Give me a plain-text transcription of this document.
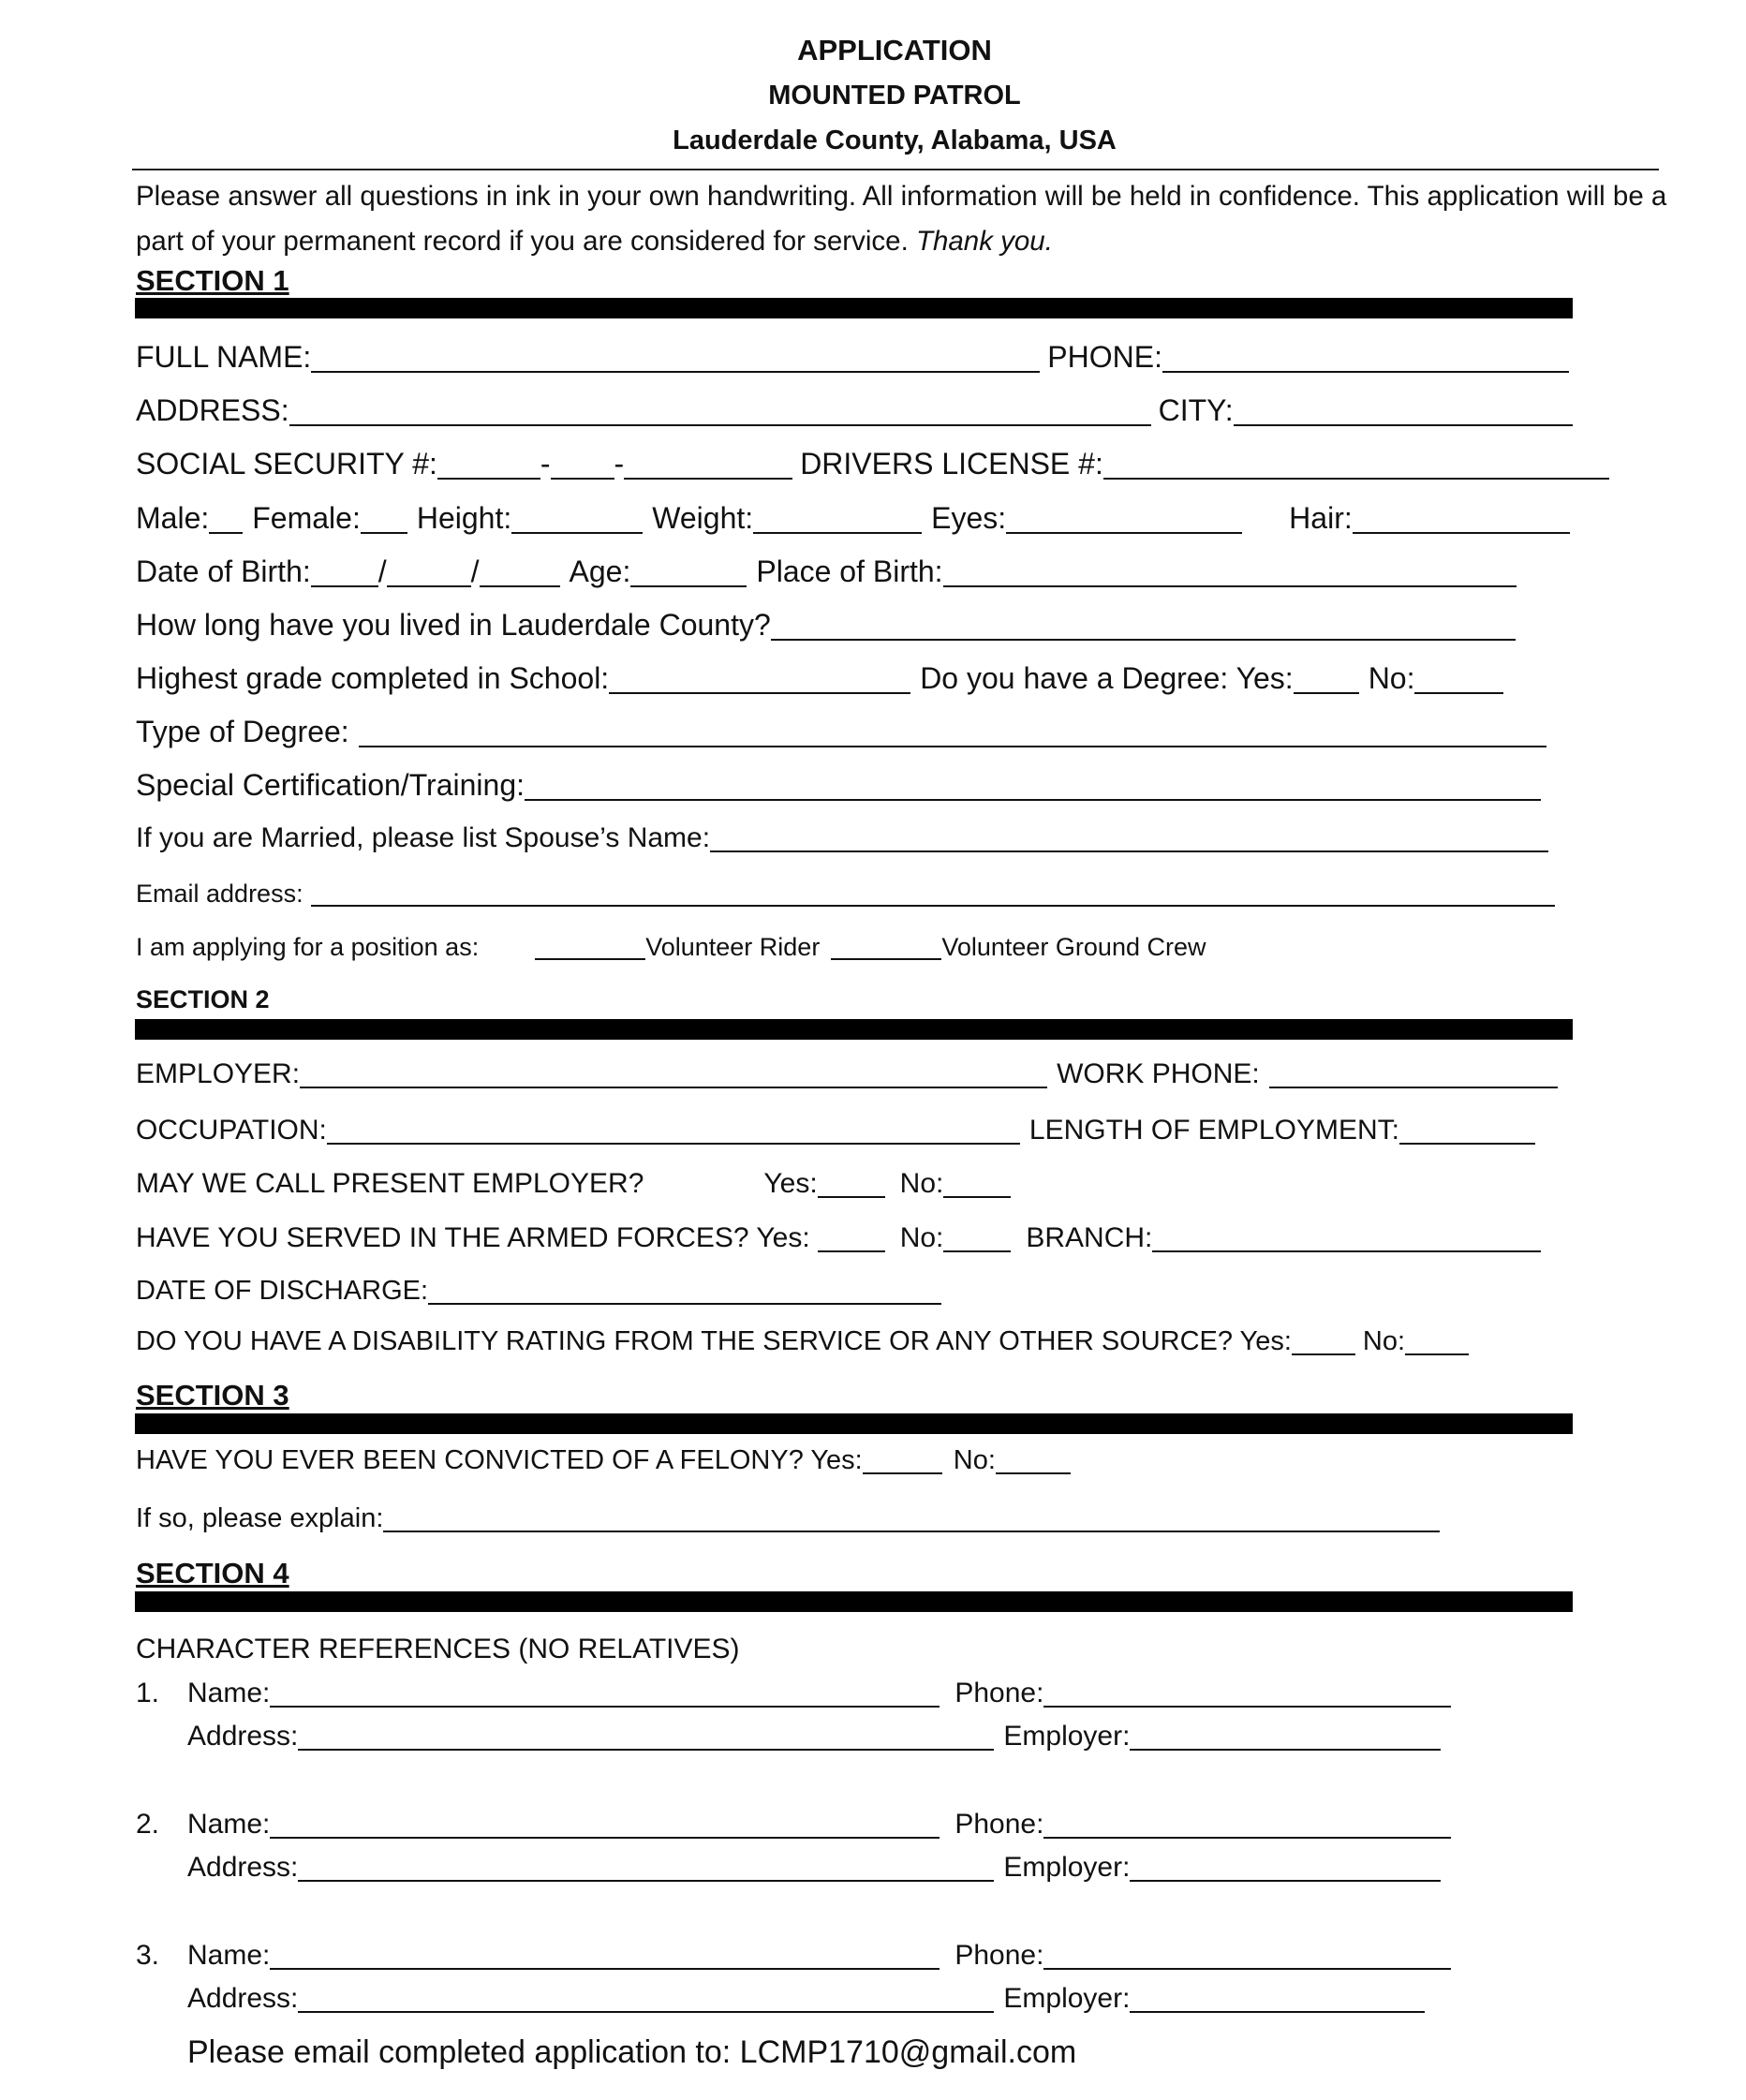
APPLICATION
MOUNTED PATROL
Lauderdale County, Alabama, USA
Please answer all questions in ink in your own handwriting. All information will be held in confidence. This application will be a part of your permanent record if you are considered for service. Thank you.
SECTION 1
FULL NAME:	PHONE:
ADDRESS:	CITY:
SOCIAL SECURITY #:	- -	DRIVERS LICENSE #:
Male: Female: Height:	Weight:	Eyes:	Hair:
Date of Birth: /	/	Age:	Place of Birth:
How long have you lived in Lauderdale County?
Highest grade completed in School:	Do you have a Degree: Yes:	No:
Type of Degree:
Special Certification/Training:
If you are Married, please list Spouse’s Name:
Email address:
I am applying for a position as:	Volunteer Rider	Volunteer Ground Crew
SECTION 2
EMPLOYER:	WORK PHONE:
OCCUPATION:	LENGTH OF EMPLOYMENT:
MAY WE CALL PRESENT EMPLOYER?	Yes:	No:
HAVE YOU SERVED IN THE ARMED FORCES? Yes:	No:	BRANCH:
DATE OF DISCHARGE:
DO YOU HAVE A DISABILITY RATING FROM THE SERVICE OR ANY OTHER SOURCE? Yes:	No:
SECTION 3
HAVE YOU EVER BEEN CONVICTED OF A FELONY? Yes:	No:
If so, please explain:
SECTION 4
CHARACTER REFERENCES (NO RELATIVES)
1. Name:	Phone:
Address:	Employer:
2. Name:	Phone:
Address:	Employer:
3. Name:	Phone:
Address:	Employer:
Please email completed application to: LCMP1710@gmail.com
